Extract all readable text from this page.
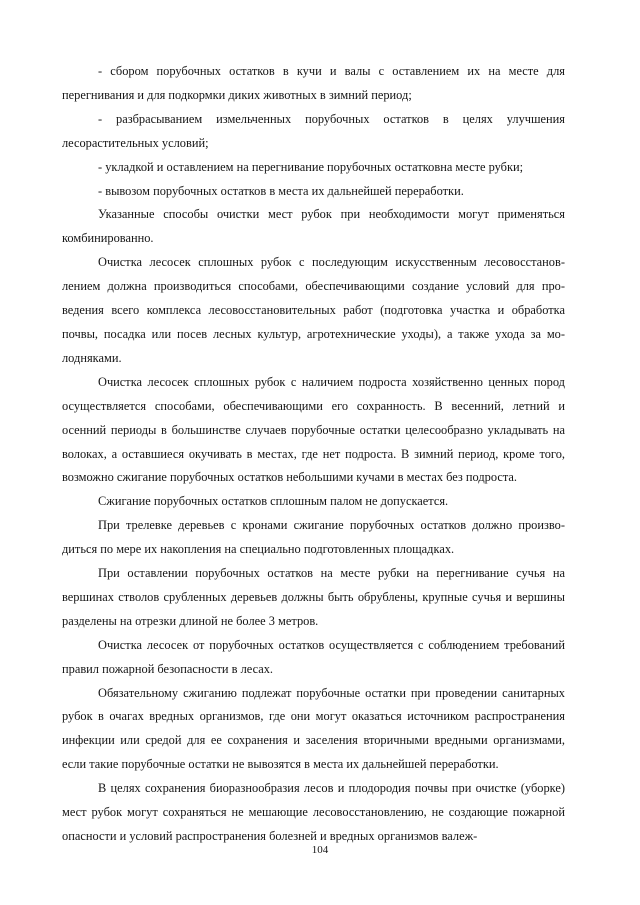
- сбором порубочных остатков в кучи и валы с оставлением их на месте для перегнивания и для подкормки диких животных в зимний период;

- разбрасыванием измельченных порубочных остатков в целях улучшения лесорастительных условий;

- укладкой и оставлением на перегнивание порубочных остатковна месте рубки;

- вывозом порубочных остатков в места их дальнейшей переработки.

Указанные способы очистки мест рубок при необходимости могут применяться комбинированно.

Очистка лесосек сплошных рубок с последующим искусственным лесовосстановлением должна производиться способами, обеспечивающими создание условий для проведения всего комплекса лесовосстановительных работ (подготовка участка и обработка почвы, посадка или посев лесных культур, агротехнические уходы), а также ухода за молодняками.

Очистка лесосек сплошных рубок с наличием подроста хозяйственно ценных пород осуществляется способами, обеспечивающими его сохранность. В весенний, летний и осенний периоды в большинстве случаев порубочные остатки целесообразно укладывать на волоках, а оставшиеся окучивать в местах, где нет подроста. В зимний период, кроме того, возможно сжигание порубочных остатков небольшими кучами в местах без подроста.

Сжигание порубочных остатков сплошным палом не допускается.

При трелевке деревьев с кронами сжигание порубочных остатков должно производиться по мере их накопления на специально подготовленных площадках.

При оставлении порубочных остатков на месте рубки на перегнивание сучья на вершинах стволов срубленных деревьев должны быть обрублены, крупные сучья и вершины разделены на отрезки длиной не более 3 метров.

Очистка лесосек от порубочных остатков осуществляется с соблюдением требований правил пожарной безопасности в лесах.

Обязательному сжиганию подлежат порубочные остатки при проведении санитарных рубок в очагах вредных организмов, где они могут оказаться источником распространения инфекции или средой для ее сохранения и заселения вторичными вредными организмами, если такие порубочные остатки не вывозятся в места их дальнейшей переработки.

В целях сохранения биоразнообразия лесов и плодородия почвы при очистке (уборке) мест рубок могут сохраняться не мешающие лесовосстановлению, не создающие пожарной опасности и условий распространения болезней и вредных организмов валеж-

104
